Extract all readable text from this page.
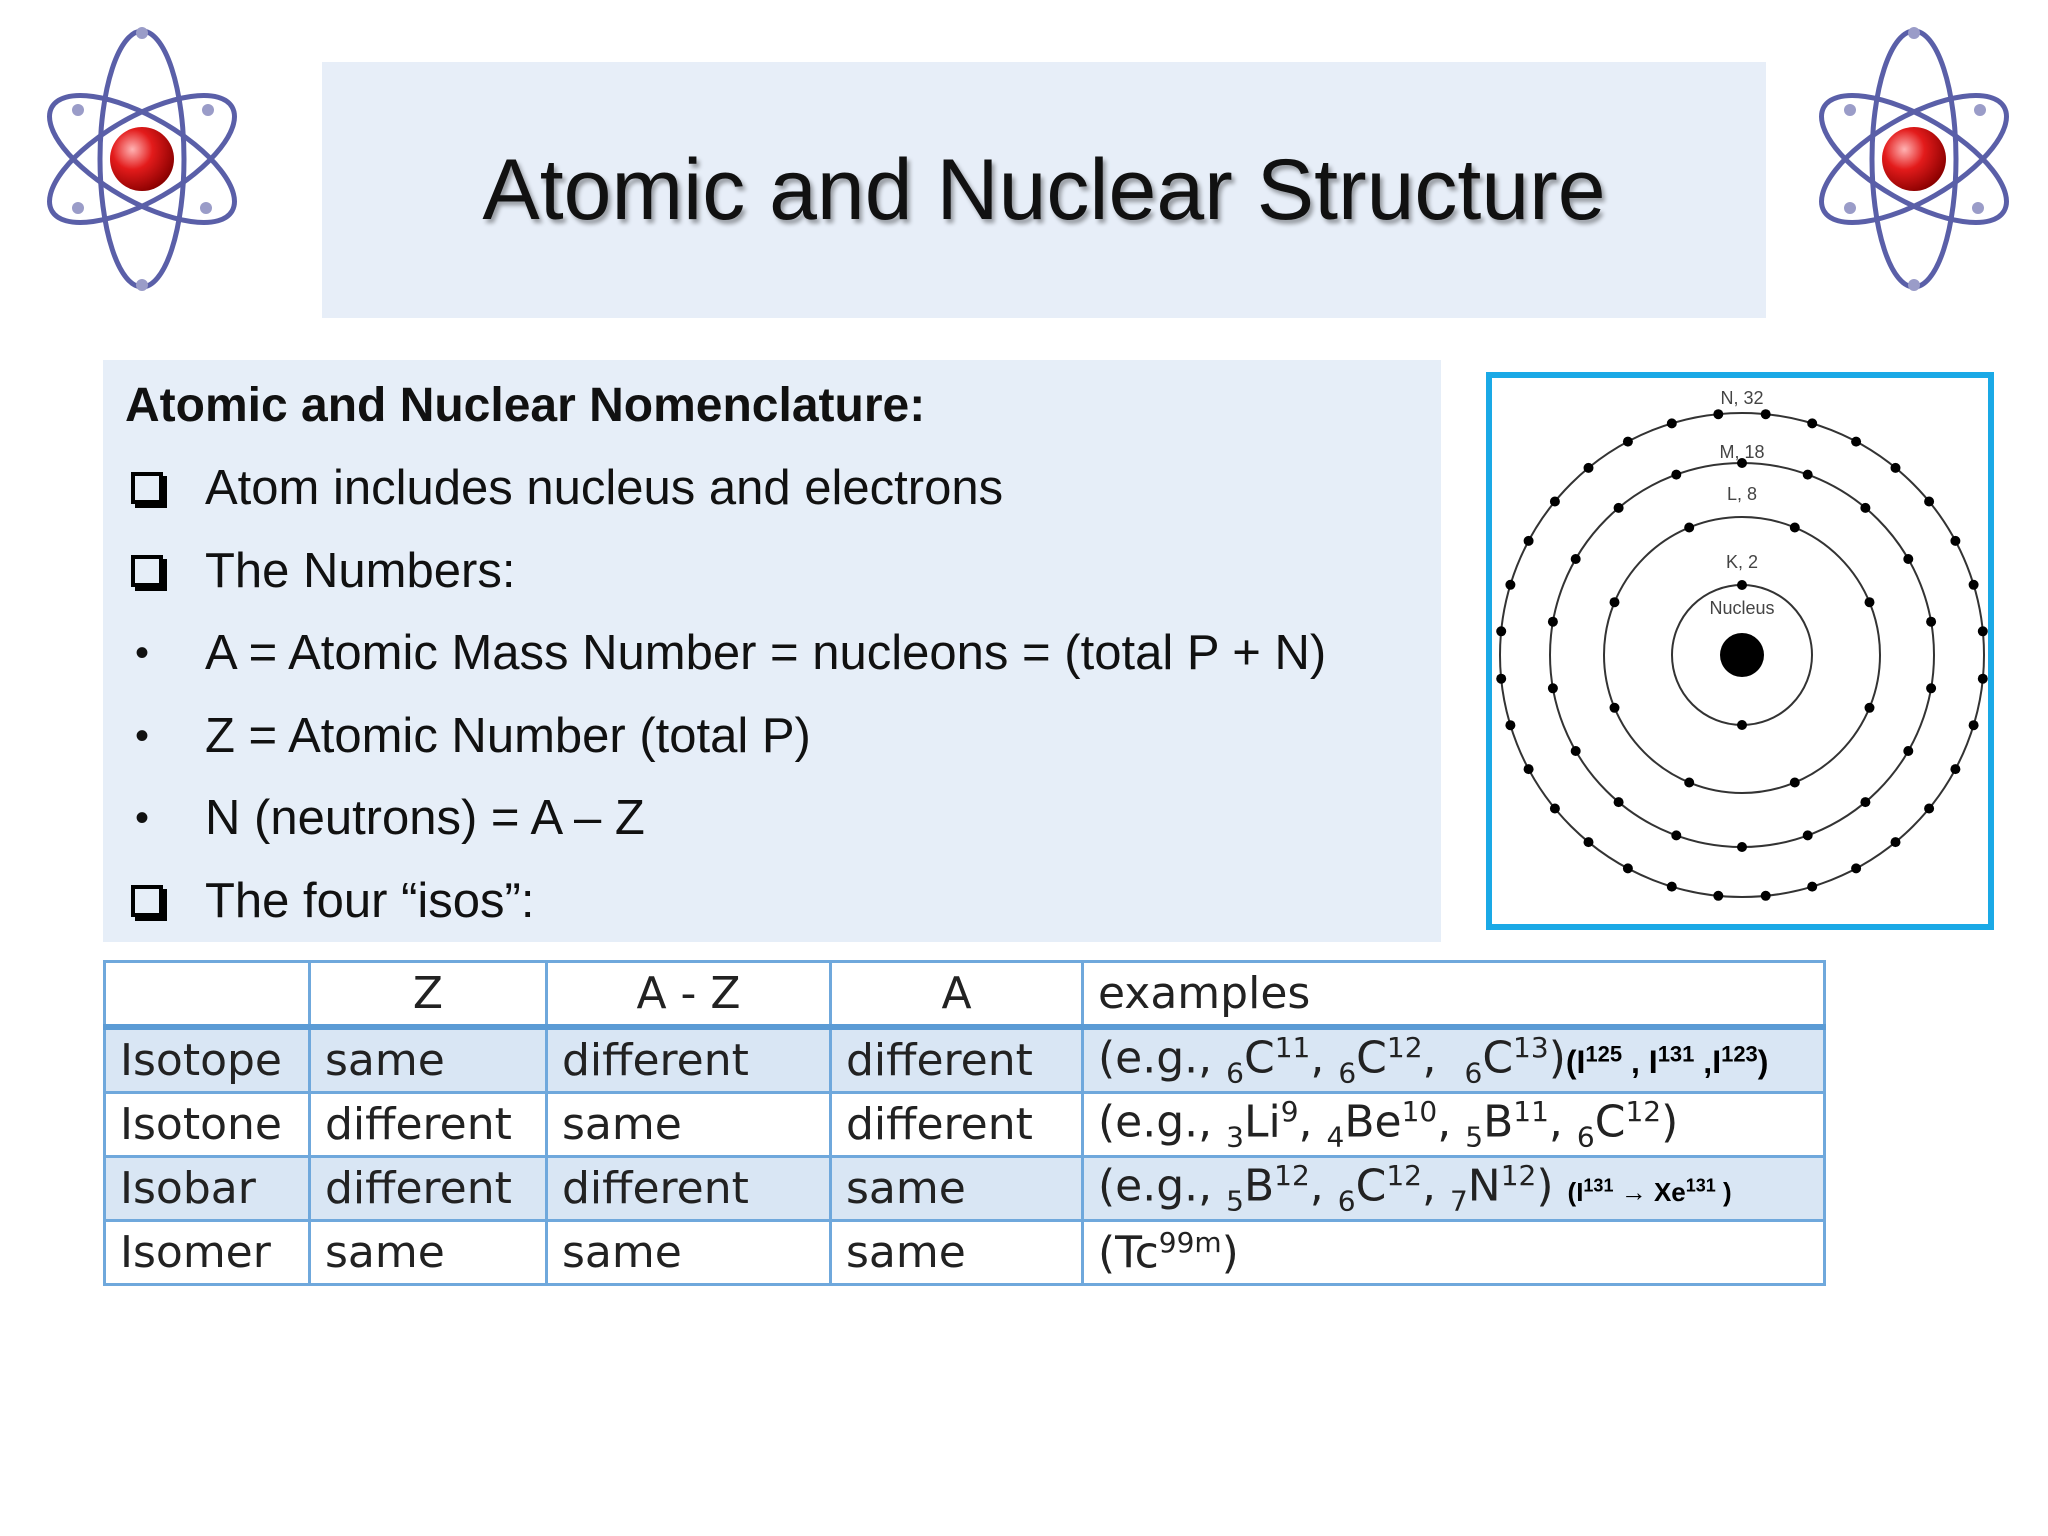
Atomic and Nuclear Structure
Atomic and Nuclear Nomenclature:
Atom includes nucleus and electrons
The Numbers:
• A = Atomic Mass Number = nucleons = (total P + N)
• Z = Atomic Number (total P)
• N (neutrons) = A – Z
The four “isos”:
N, 32
M, 18
L, 8
K, 2
Nucleus
	Z	A - Z	A	examples
Isotope	same	different	different	(e.g., $_6C^{11}$, $_6C^{12}$,  $_6C^{13})(I^{125}$ , $I^{131}$ $,I^{123}$)
Isotone	different	same	different	(e.g., $_3Li^9$, $_4Be^{10}$, $_5B^{11}$, $_6C^{12}$)
Isobar	different	different	same	(e.g., $_5B^{12}$, $_6C^{12}$, $_7N^{12}$) ($I^{131} \to Xe^{131}$ )
Isomer	same	same	same	$(Tc^{99m})$
